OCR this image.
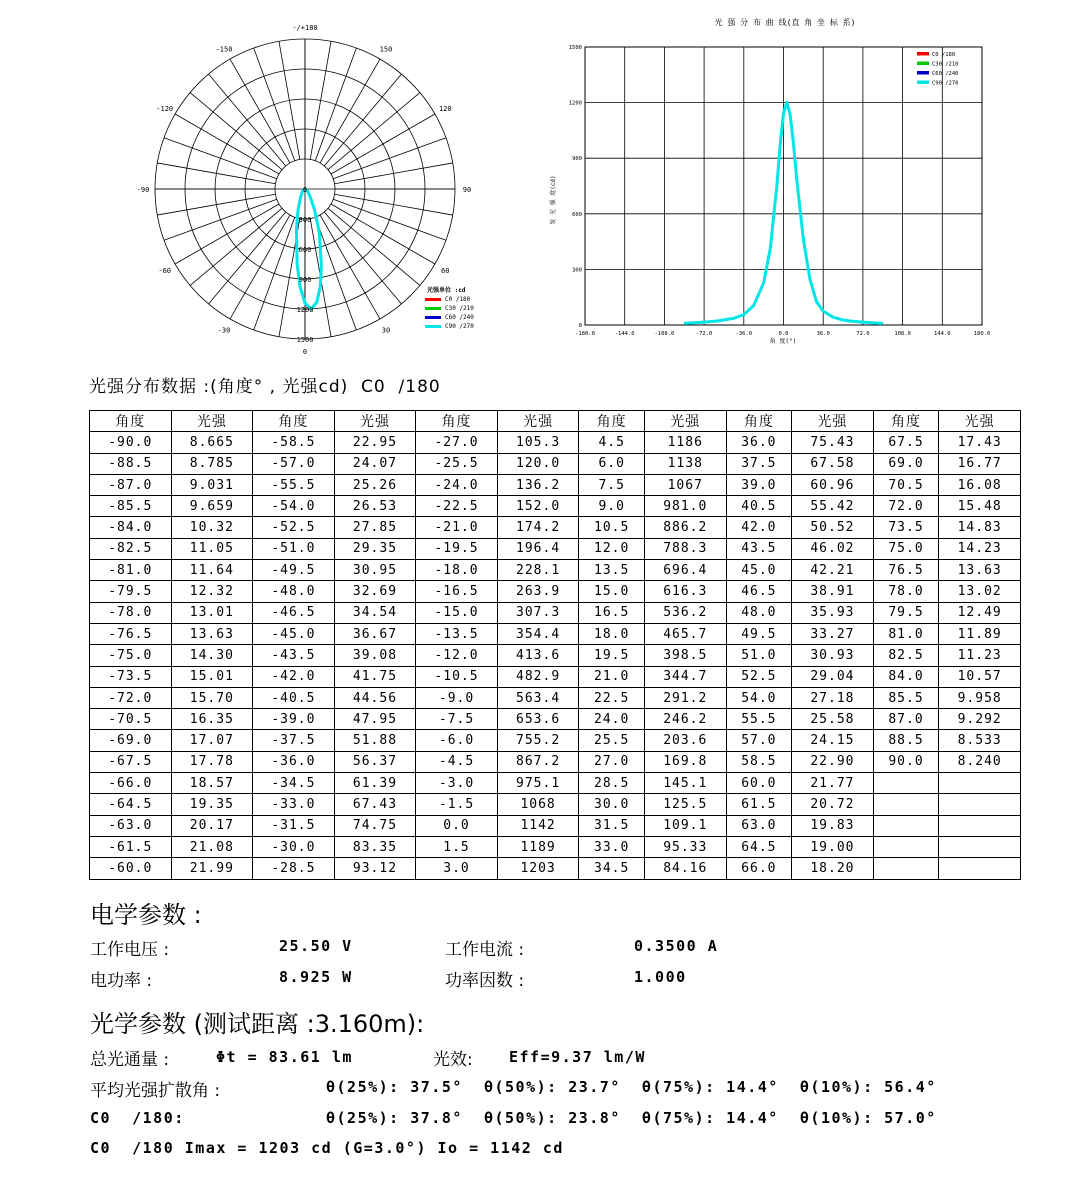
0
300
600
900
1200
1500
-/+180
150
120
90
60
30
0
-30
-60
-90
-120
-150
光强单位 :cd
C0 /180
C30 /210
C60 /240
C90 /270
光 强 分 布 曲 线(直 角 坐 标 系)
-180.0	-144.0	-108.0	-72.0	-36.0	0.0	36.0	72.0	108.0	144.0	180.0
0
300
600
900
1200
1500
C0 /180
C30 /210
C60 /240
C90 /270
角 度(°)
发 光 强 度(cd)
光强分布数据 :(角度° , 光强cd)  C0  /180
角度	光强	角度	光强	角度	光强	角度	光强	角度	光强	角度	光强
-90.0	8.665	-58.5	22.95	-27.0	105.3	4.5	1186	36.0	75.43	67.5	17.43
-88.5	8.785	-57.0	24.07	-25.5	120.0	6.0	1138	37.5	67.58	69.0	16.77
-87.0	9.031	-55.5	25.26	-24.0	136.2	7.5	1067	39.0	60.96	70.5	16.08
-85.5	9.659	-54.0	26.53	-22.5	152.0	9.0	981.0	40.5	55.42	72.0	15.48
-84.0	10.32	-52.5	27.85	-21.0	174.2	10.5	886.2	42.0	50.52	73.5	14.83
-82.5	11.05	-51.0	29.35	-19.5	196.4	12.0	788.3	43.5	46.02	75.0	14.23
-81.0	11.64	-49.5	30.95	-18.0	228.1	13.5	696.4	45.0	42.21	76.5	13.63
-79.5	12.32	-48.0	32.69	-16.5	263.9	15.0	616.3	46.5	38.91	78.0	13.02
-78.0	13.01	-46.5	34.54	-15.0	307.3	16.5	536.2	48.0	35.93	79.5	12.49
-76.5	13.63	-45.0	36.67	-13.5	354.4	18.0	465.7	49.5	33.27	81.0	11.89
-75.0	14.30	-43.5	39.08	-12.0	413.6	19.5	398.5	51.0	30.93	82.5	11.23
-73.5	15.01	-42.0	41.75	-10.5	482.9	21.0	344.7	52.5	29.04	84.0	10.57
-72.0	15.70	-40.5	44.56	-9.0	563.4	22.5	291.2	54.0	27.18	85.5	9.958
-70.5	16.35	-39.0	47.95	-7.5	653.6	24.0	246.2	55.5	25.58	87.0	9.292
-69.0	17.07	-37.5	51.88	-6.0	755.2	25.5	203.6	57.0	24.15	88.5	8.533
-67.5	17.78	-36.0	56.37	-4.5	867.2	27.0	169.8	58.5	22.90	90.0	8.240
-66.0	18.57	-34.5	61.39	-3.0	975.1	28.5	145.1	60.0	21.77		
-64.5	19.35	-33.0	67.43	-1.5	1068	30.0	125.5	61.5	20.72		
-63.0	20.17	-31.5	74.75	0.0	1142	31.5	109.1	63.0	19.83		
-61.5	21.08	-30.0	83.35	1.5	1189	33.0	95.33	64.5	19.00		
-60.0	21.99	-28.5	93.12	3.0	1203	34.5	84.16	66.0	18.20		
电学参数 :
工作电压 :	25.50 V	工作电流 :	0.3500 A
电功率 :	8.925 W	功率因数 :	1.000
光学参数 (测试距离 :3.160m):
总光通量 :	Φt = 83.61 lm	光效: Eff=9.37 lm/W
平均光强扩散角 :	θ(25%): 37.5°  θ(50%): 23.7°  θ(75%): 14.4°  θ(10%): 56.4°
C0  /180:	θ(25%): 37.8°  θ(50%): 23.8°  θ(75%): 14.4°  θ(10%): 57.0°
C0  /180 Imax = 1203 cd (G=3.0°) Io = 1142 cd
